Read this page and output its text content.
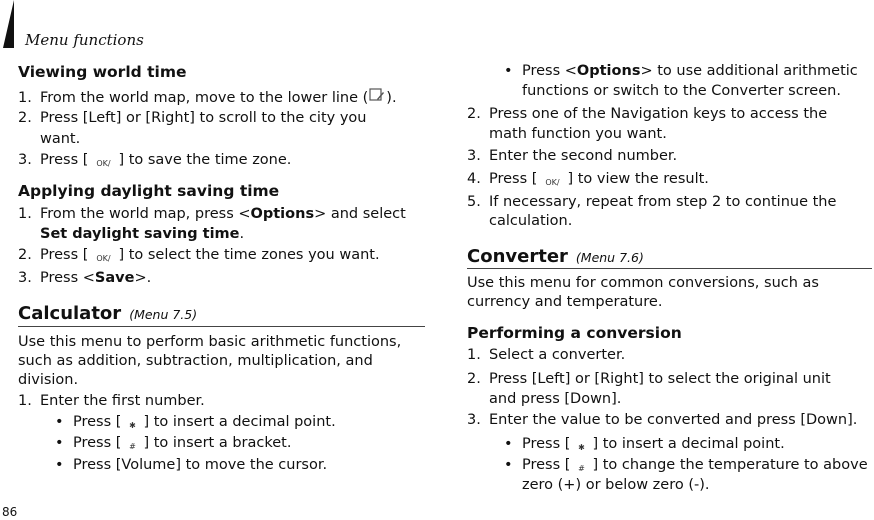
Menu functions
86
Viewing world time
1. From the world map, move to the lower line ( ).
2. Press [Left] or [Right] to scroll to the city you
want.
3. Press [ OK/ ] to save the time zone.
Applying daylight saving time
1. From the world map, press <Options> and select
Set daylight saving time.
2. Press [ OK/ ] to select the time zones you want.
3. Press <Save>.
Calculator (Menu 7.5)
Use this menu to perform basic arithmetic functions,
such as addition, subtraction, multiplication, and
division.
1. Enter the first number.
• Press [ ✱ ] to insert a decimal point.
• Press [ # ] to insert a bracket.
• Press [Volume] to move the cursor.
• Press <Options> to use additional arithmetic
functions or switch to the Converter screen.
2. Press one of the Navigation keys to access the
math function you want.
3. Enter the second number.
4. Press [ OK/ ] to view the result.
5. If necessary, repeat from step 2 to continue the
calculation.
Converter (Menu 7.6)
Use this menu for common conversions, such as
currency and temperature.
Performing a conversion
1. Select a converter.
2. Press [Left] or [Right] to select the original unit
and press [Down].
3. Enter the value to be converted and press [Down].
• Press [ ✱ ] to insert a decimal point.
• Press [ # ] to change the temperature to above
zero (+) or below zero (-).
